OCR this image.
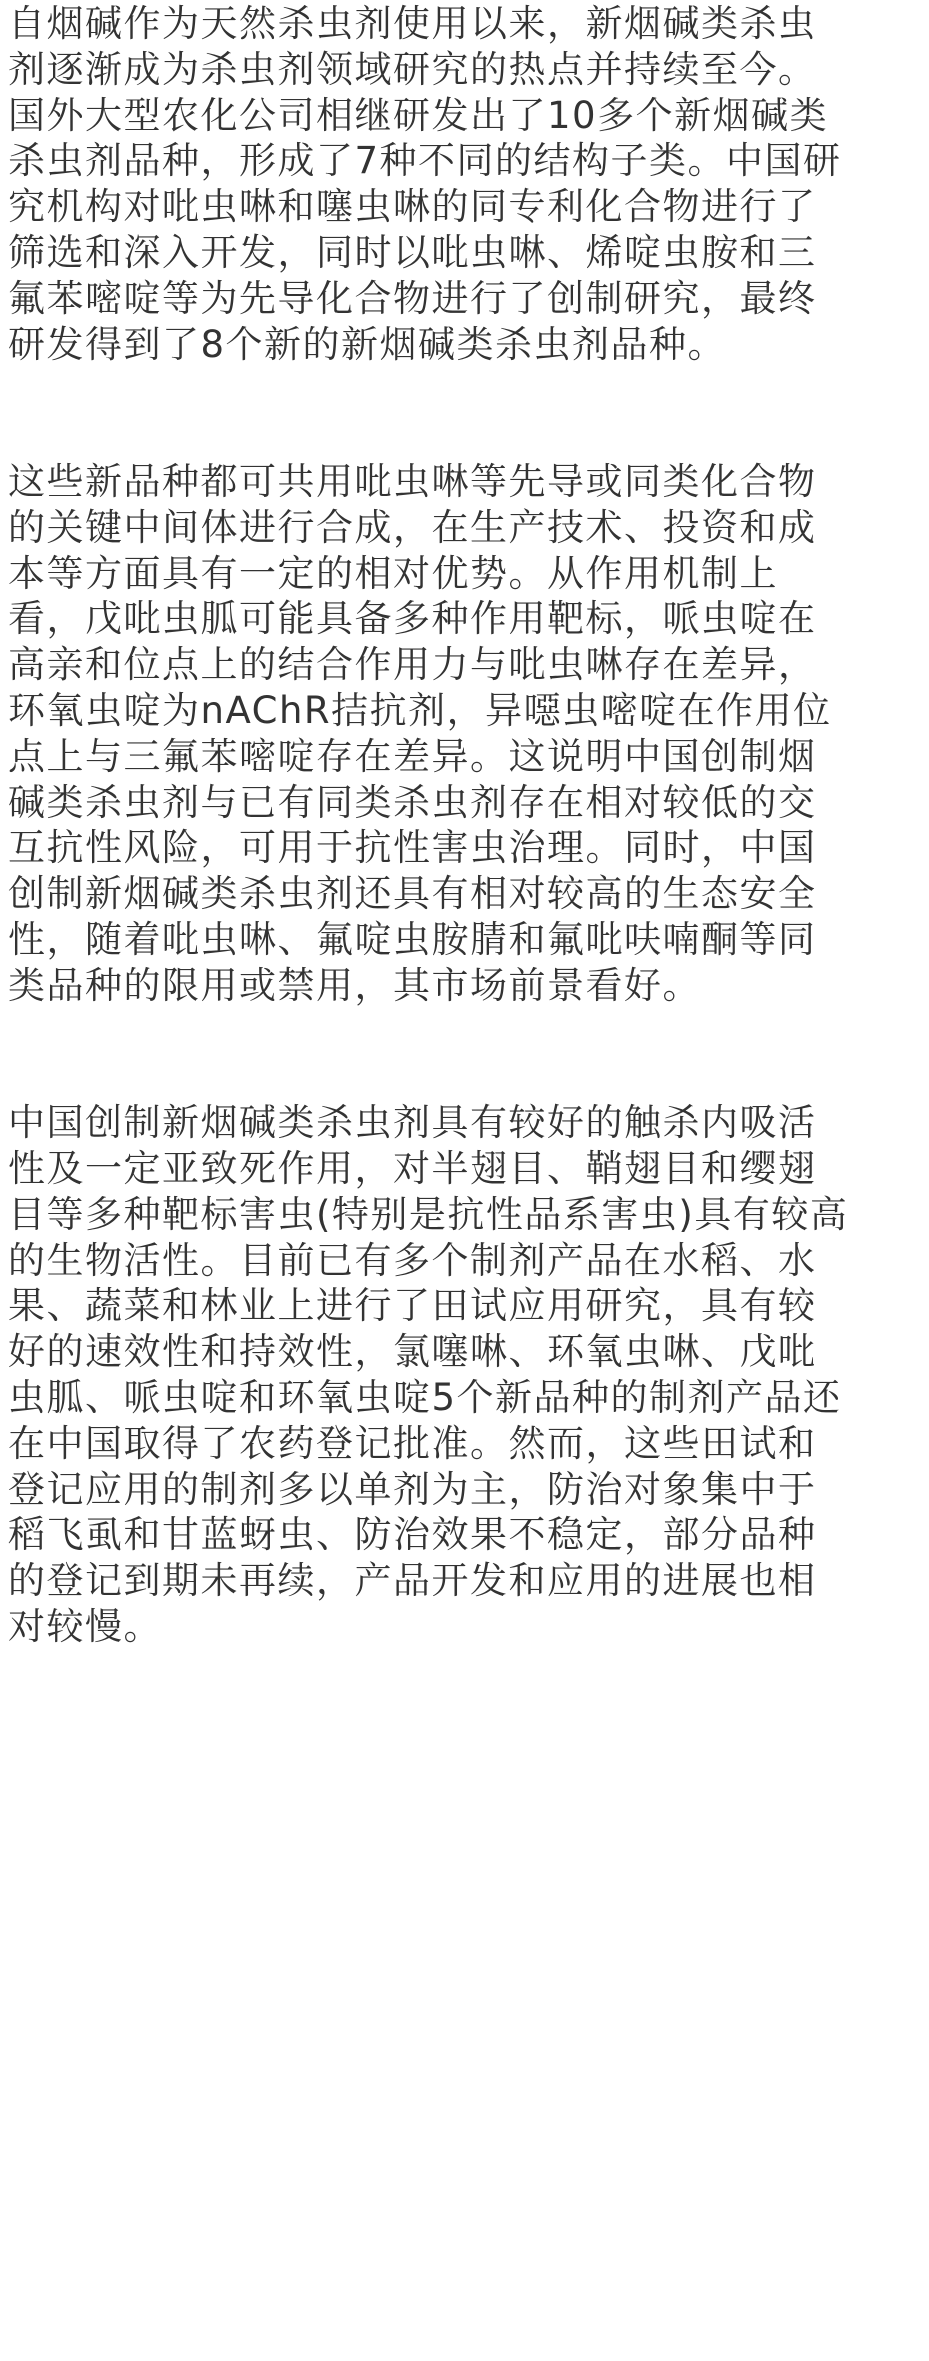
自烟碱作为天然杀虫剂使用以来，新烟碱类杀虫
剂逐渐成为杀虫剂领域研究的热点并持续至今。
国外大型农化公司相继研发出了10多个新烟碱类
杀虫剂品种，形成了7种不同的结构子类。中国研
究机构对吡虫啉和噻虫啉的同专利化合物进行了
筛选和深入开发，同时以吡虫啉、烯啶虫胺和三
氟苯嘧啶等为先导化合物进行了创制研究，最终
研发得到了8个新的新烟碱类杀虫剂品种。
这些新品种都可共用吡虫啉等先导或同类化合物
的关键中间体进行合成，在生产技术、投资和成
本等方面具有一定的相对优势。从作用机制上
看，戊吡虫胍可能具备多种作用靶标，哌虫啶在
高亲和位点上的结合作用力与吡虫啉存在差异，
环氧虫啶为nAChR拮抗剂，异噁虫嘧啶在作用位
点上与三氟苯嘧啶存在差异。这说明中国创制烟
碱类杀虫剂与已有同类杀虫剂存在相对较低的交
互抗性风险，可用于抗性害虫治理。同时，中国
创制新烟碱类杀虫剂还具有相对较高的生态安全
性，随着吡虫啉、氟啶虫胺腈和氟吡呋喃酮等同
类品种的限用或禁用，其市场前景看好。
中国创制新烟碱类杀虫剂具有较好的触杀内吸活
性及一定亚致死作用，对半翅目、鞘翅目和缨翅
目等多种靶标害虫(特别是抗性品系害虫)具有较高
的生物活性。目前已有多个制剂产品在水稻、水
果、蔬菜和林业上进行了田试应用研究，具有较
好的速效性和持效性，氯噻啉、环氧虫啉、戊吡
虫胍、哌虫啶和环氧虫啶5个新品种的制剂产品还
在中国取得了农药登记批准。然而，这些田试和
登记应用的制剂多以单剂为主，防治对象集中于
稻飞虱和甘蓝蚜虫、防治效果不稳定，部分品种
的登记到期未再续，产品开发和应用的进展也相
对较慢。
